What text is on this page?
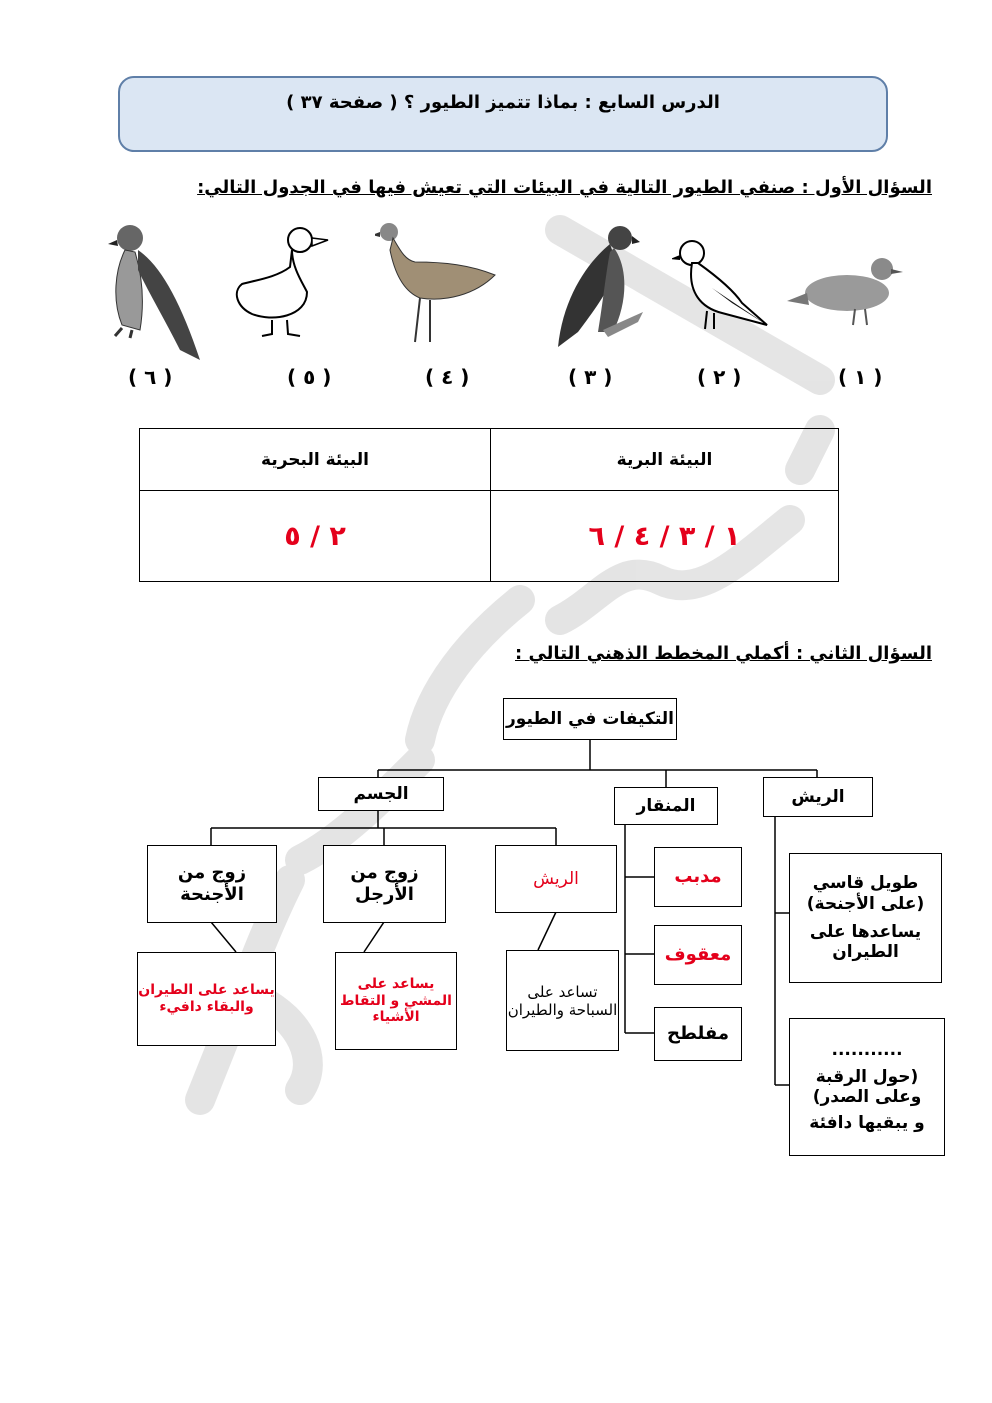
الدرس السابع : بماذا تتميز الطيور ؟ ( صفحة ٣٧ )
السؤال الأول : صنفي الطيور التالية في البيئات التي تعيش فيها في الجدول التالي:
( ١ )
( ٢ )
( ٣ )
( ٤ )
( ٥ )
( ٦ )
البيئة البرية
البيئة البحرية
١ / ٣ / ٤ / ٦
٢ / ٥
السؤال الثاني : أكملي المخطط الذهني التالي :
التكيفات في الطيور
الجسم
المنقار	الريش
زوج من الأجنحة
زوج من الأرجل
الريش
يساعد على الطيران والبقاء دافيء
يساعد على المشي و التقاط الأشياء
تساعد على السباحة والطيران
مدبب
معقوف
مفلطح
طويل قاسي (على الأجنحة)
يساعدها على الطيران
...........
(حول الرقبة وعلى الصدر)
و يبقيها دافئة
